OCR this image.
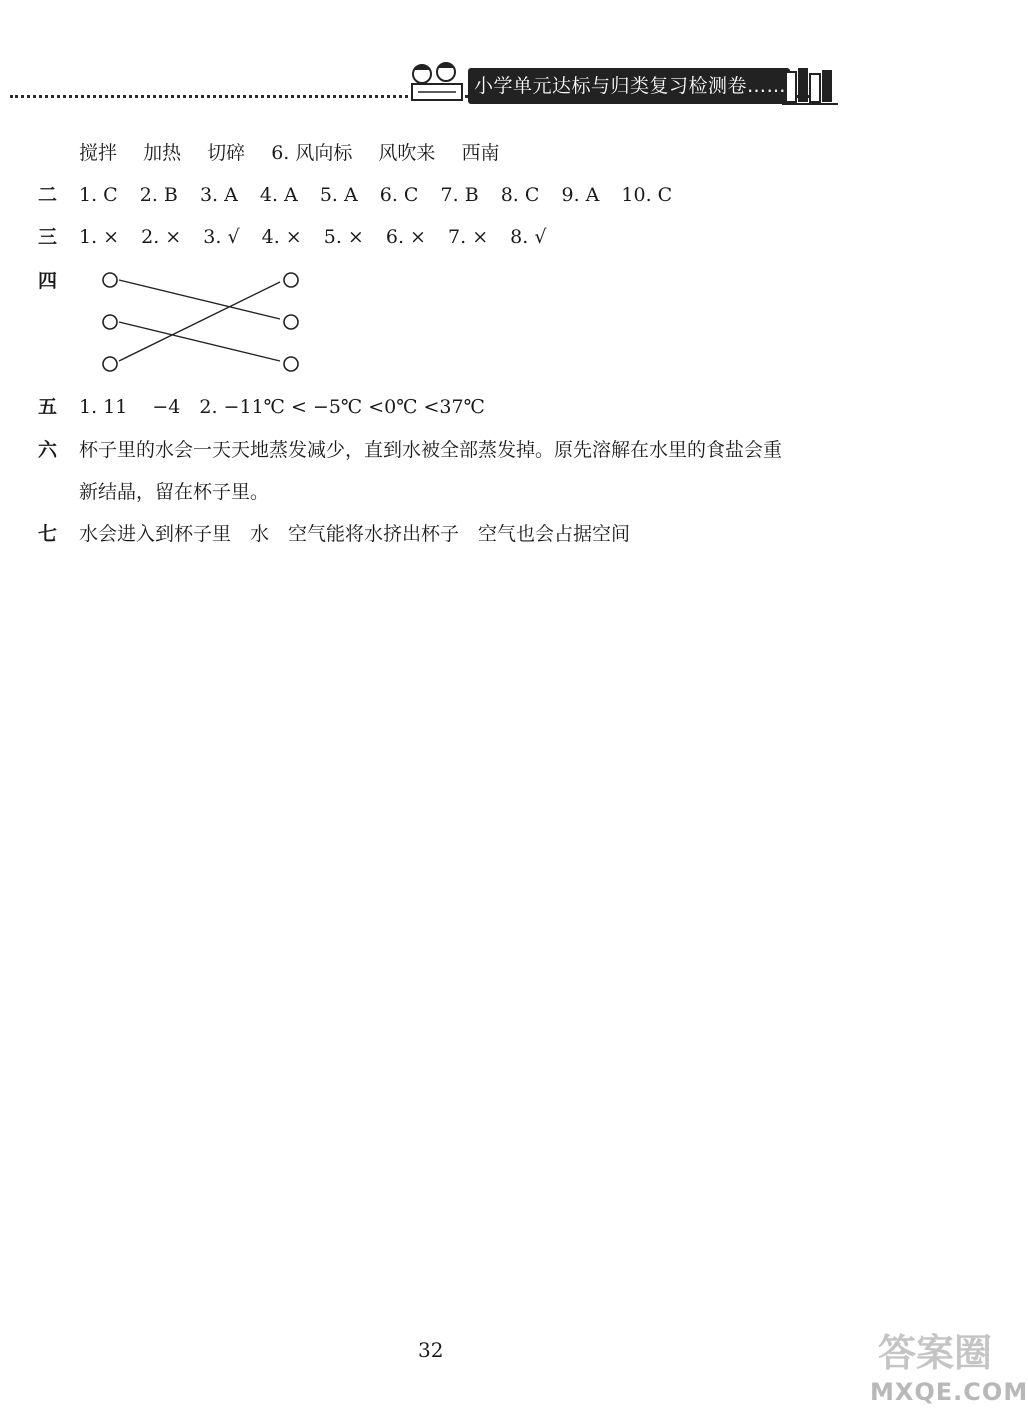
小学单元达标与归类复习检测卷……
搅拌 加热 切碎 6. 风向标 风吹来 西南
二 1. C 2. B 3. A 4. A 5. A 6. C 7. B 8. C 9. A 10. C
三 1. × 2. × 3. √ 4. × 5. × 6. × 7. × 8. √
四
五 1. 11　 −4　2. −11℃ < −5℃ <0℃ <37℃
六 杯子里的水会一天天地蒸发减少，直到水被全部蒸发掉。原先溶解在水里的食盐会重
新结晶，留在杯子里。
七 水会进入到杯子里　水　空气能将水挤出杯子　空气也会占据空间
32	答案圈
MXQE.COM
